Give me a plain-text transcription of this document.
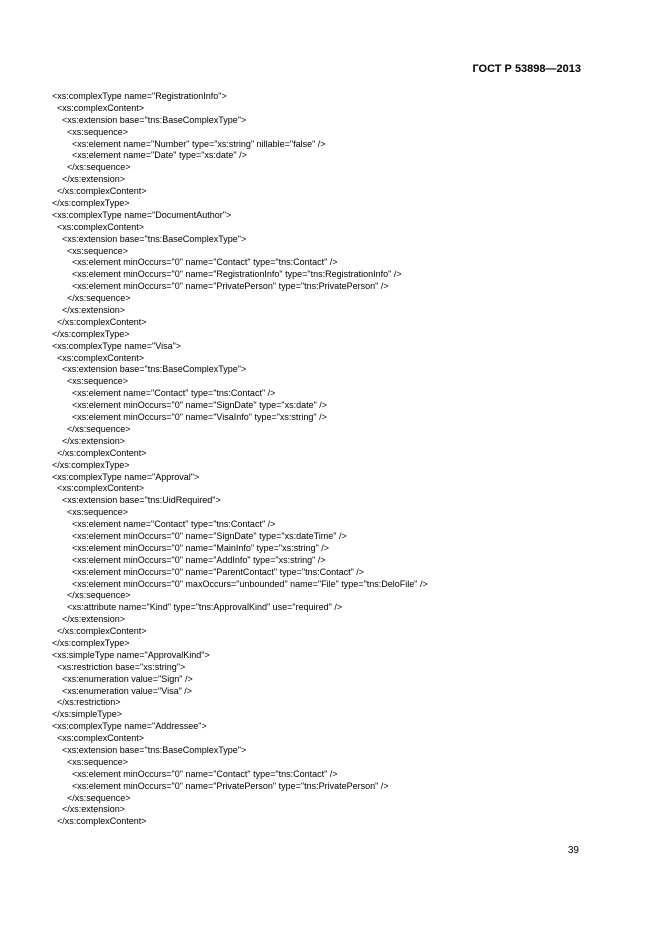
ГОСТ Р 53898—2013
<xs:complexType name="RegistrationInfo">
<xs:complexContent>
<xs:extension base="tns:BaseComplexType">
<xs:sequence>
<xs:element name="Number" type="xs:string" nillable="false" />
<xs:element name="Date" type="xs:date" />
</xs:sequence>
</xs:extension>
</xs:complexContent>
</xs:complexType>
<xs:complexType name="DocumentAuthor">
<xs:complexContent>
<xs:extension base="tns:BaseComplexType">
<xs:sequence>
<xs:element minOccurs="0" name="Contact" type="tns:Contact" />
<xs:element minOccurs="0" name="RegistrationInfo" type="tns:RegistrationInfo" />
<xs:element minOccurs="0" name="PrivatePerson" type="tns:PrivatePerson" />
</xs:sequence>
</xs:extension>
</xs:complexContent>
</xs:complexType>
<xs:complexType name="Visa">
<xs:complexContent>
<xs:extension base="tns:BaseComplexType">
<xs:sequence>
<xs:element name="Contact" type="tns:Contact" />
<xs:element minOccurs="0" name="SignDate" type="xs:date" />
<xs:element minOccurs="0" name="VisaInfo" type="xs:string" />
</xs:sequence>
</xs:extension>
</xs:complexContent>
</xs:complexType>
<xs:complexType name="Approval">
<xs:complexContent>
<xs:extension base="tns:UidRequired">
<xs:sequence>
<xs:element name="Contact" type="tns:Contact" />
<xs:element minOccurs="0" name="SignDate" type="xs:dateTime" />
<xs:element minOccurs="0" name="MainInfo" type="xs:string" />
<xs:element minOccurs="0" name="AddInfo" type="xs:string" />
<xs:element minOccurs="0" name="ParentContact" type="tns:Contact" />
<xs:element minOccurs="0" maxOccurs="unbounded" name="File" type="tns:DeloFile" />
</xs:sequence>
<xs:attribute name="Kind" type="tns:ApprovalKind" use="required" />
</xs:extension>
</xs:complexContent>
</xs:complexType>
<xs:simpleType name="ApprovalKind">
<xs:restriction base="xs:string">
<xs:enumeration value="Sign" />
<xs:enumeration value="Visa" />
</xs:restriction>
</xs:simpleType>
<xs:complexType name="Addressee">
<xs:complexContent>
<xs:extension base="tns:BaseComplexType">
<xs:sequence>
<xs:element minOccurs="0" name="Contact" type="tns:Contact" />
<xs:element minOccurs="0" name="PrivatePerson" type="tns:PrivatePerson" />
</xs:sequence>
</xs:extension>
</xs:complexContent>
39
